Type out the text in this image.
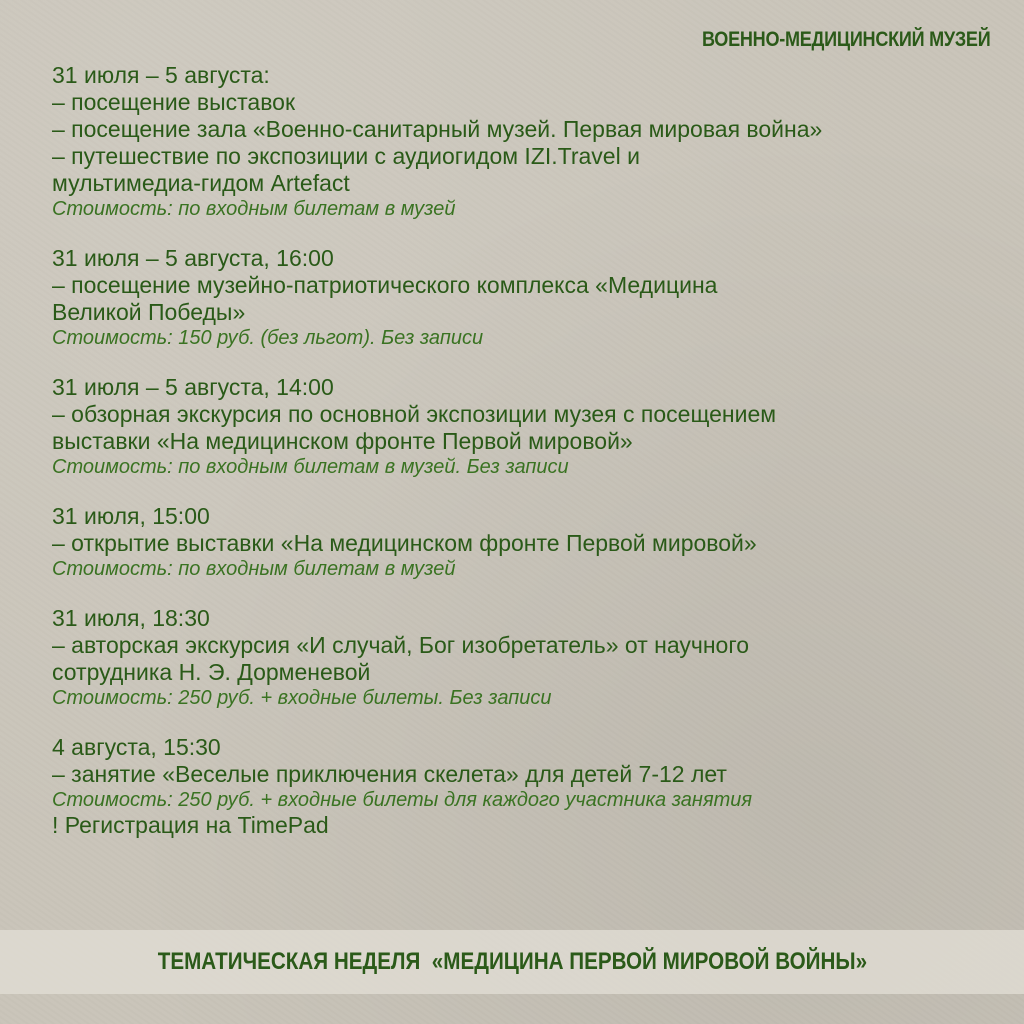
ВОЕННО-МЕДИЦИНСКИЙ МУЗЕЙ

31 июля – 5 августа:

– посещение выставок

– посещение зала «Военно-санитарный музей. Первая мировая война»

– путешествие по экспозиции с аудиогидом IZI.Travel и

мультимедиа-гидом Artefact

Стоимость: по входным билетам в музей

31 июля – 5 августа, 16:00

– посещение музейно-патриотического комплекса «Медицина

Великой Победы»

Стоимость: 150 руб. (без льгот). Без записи

31 июля – 5 августа, 14:00

– обзорная экскурсия по основной экспозиции музея с посещением

выставки «На медицинском фронте Первой мировой»

Стоимость: по входным билетам в музей. Без записи

31 июля, 15:00

– открытие выставки «На медицинском фронте Первой мировой»

Стоимость: по входным билетам в музей

31 июля, 18:30

– авторская экскурсия «И случай, Бог изобретатель» от научного

сотрудника Н. Э. Дорменевой

Стоимость: 250 руб. + входные билеты. Без записи

4 августа, 15:30

– занятие «Веселые приключения скелета» для детей 7-12 лет

Стоимость: 250 руб. + входные билеты для каждого участника занятия

! Регистрация на TimePad

ТЕМАТИЧЕСКАЯ НЕДЕЛЯ  «МЕДИЦИНА ПЕРВОЙ МИРОВОЙ ВОЙНЫ»
